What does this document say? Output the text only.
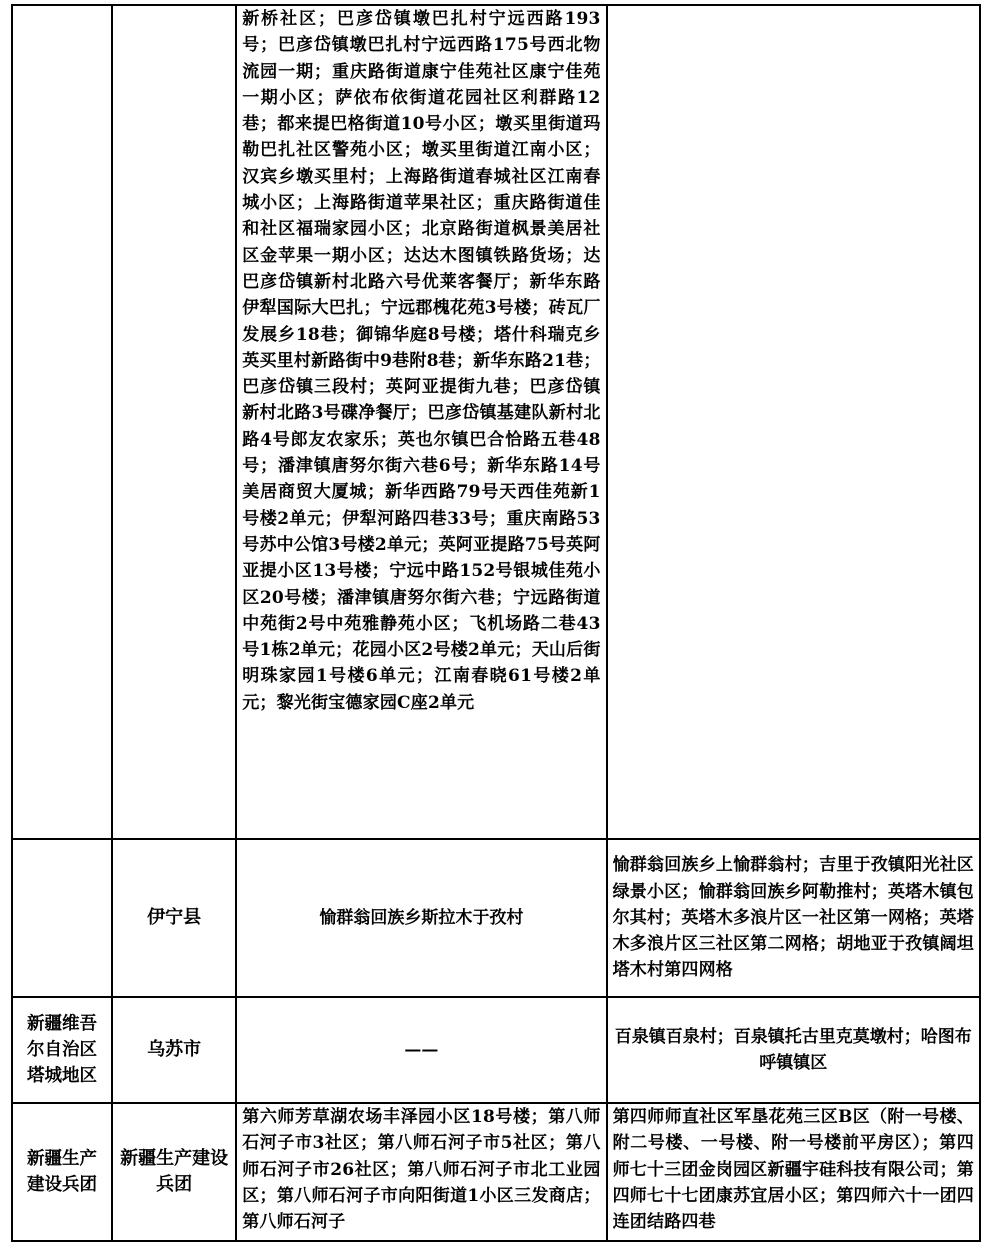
		新桥社区；巴彦岱镇墩巴扎村宁远西路193号；巴彦岱镇墩巴扎村宁远西路175号西北物流园一期；重庆路街道康宁佳苑社区康宁佳苑一期小区；萨依布依街道花园社区利群路12巷；都来提巴格街道10号小区；墩买里街道玛勒巴扎社区警苑小区；墩买里街道江南小区；汉宾乡墩买里村；上海路街道春城社区江南春城小区；上海路街道苹果社区；重庆路街道佳和社区福瑞家园小区；北京路街道枫景美居社区金苹果一期小区；达达木图镇铁路货场；达巴彦岱镇新村北路六号优莱客餐厅；新华东路伊犁国际大巴扎；宁远郡槐花苑3号楼；砖瓦厂发展乡18巷；御锦华庭8号楼；塔什科瑞克乡英买里村新路街中9巷附8巷；新华东路21巷；巴彦岱镇三段村；英阿亚提街九巷；巴彦岱镇新村北路3号碟净餐厅；巴彦岱镇基建队新村北路4号郎友农家乐；英也尔镇巴合恰路五巷48号；潘津镇唐努尔街六巷6号；新华东路14号美居商贸大厦城；新华西路79号天西佳苑新1号楼2单元；伊犁河路四巷33号；重庆南路53号苏中公馆3号楼2单元；英阿亚提路75号英阿亚提小区13号楼；宁远中路152号银城佳苑小区20号楼；潘津镇唐努尔街六巷；宁远路街道中苑街2号中苑雅静苑小区；飞机场路二巷43号1栋2单元；花园小区2号楼2单元；天山后街明珠家园1号楼6单元；江南春晓61号楼2单元；黎光街宝德家园C座2单元	

	伊宁县	愉群翁回族乡斯拉木于孜村	愉群翁回族乡上愉群翁村；吉里于孜镇阳光社区绿景小区；愉群翁回族乡阿勒推村；英塔木镇包尔其村；英塔木多浪片区一社区第一网格；英塔木多浪片区三社区第二网格；胡地亚于孜镇阔坦塔木村第四网格

新疆维吾尔自治区塔城地区	乌苏市	——	百泉镇百泉村；百泉镇托古里克莫墩村；哈图布呼镇镇区
新疆生产建设兵团	新疆生产建设兵团	第六师芳草湖农场丰泽园小区18号楼；第八师石河子市3社区；第八师石河子市5社区；第八师石河子市26社区；第八师石河子市北工业园区；第八师石河子市向阳街道1小区三发商店；第八师石河子	第四师师直社区军垦花苑三区B区（附一号楼、附二号楼、一号楼、附一号楼前平房区）；第四师七十三团金岗园区新疆宇硅科技有限公司；第四师七十七团康苏宜居小区；第四师六十一团四连团结路四巷
